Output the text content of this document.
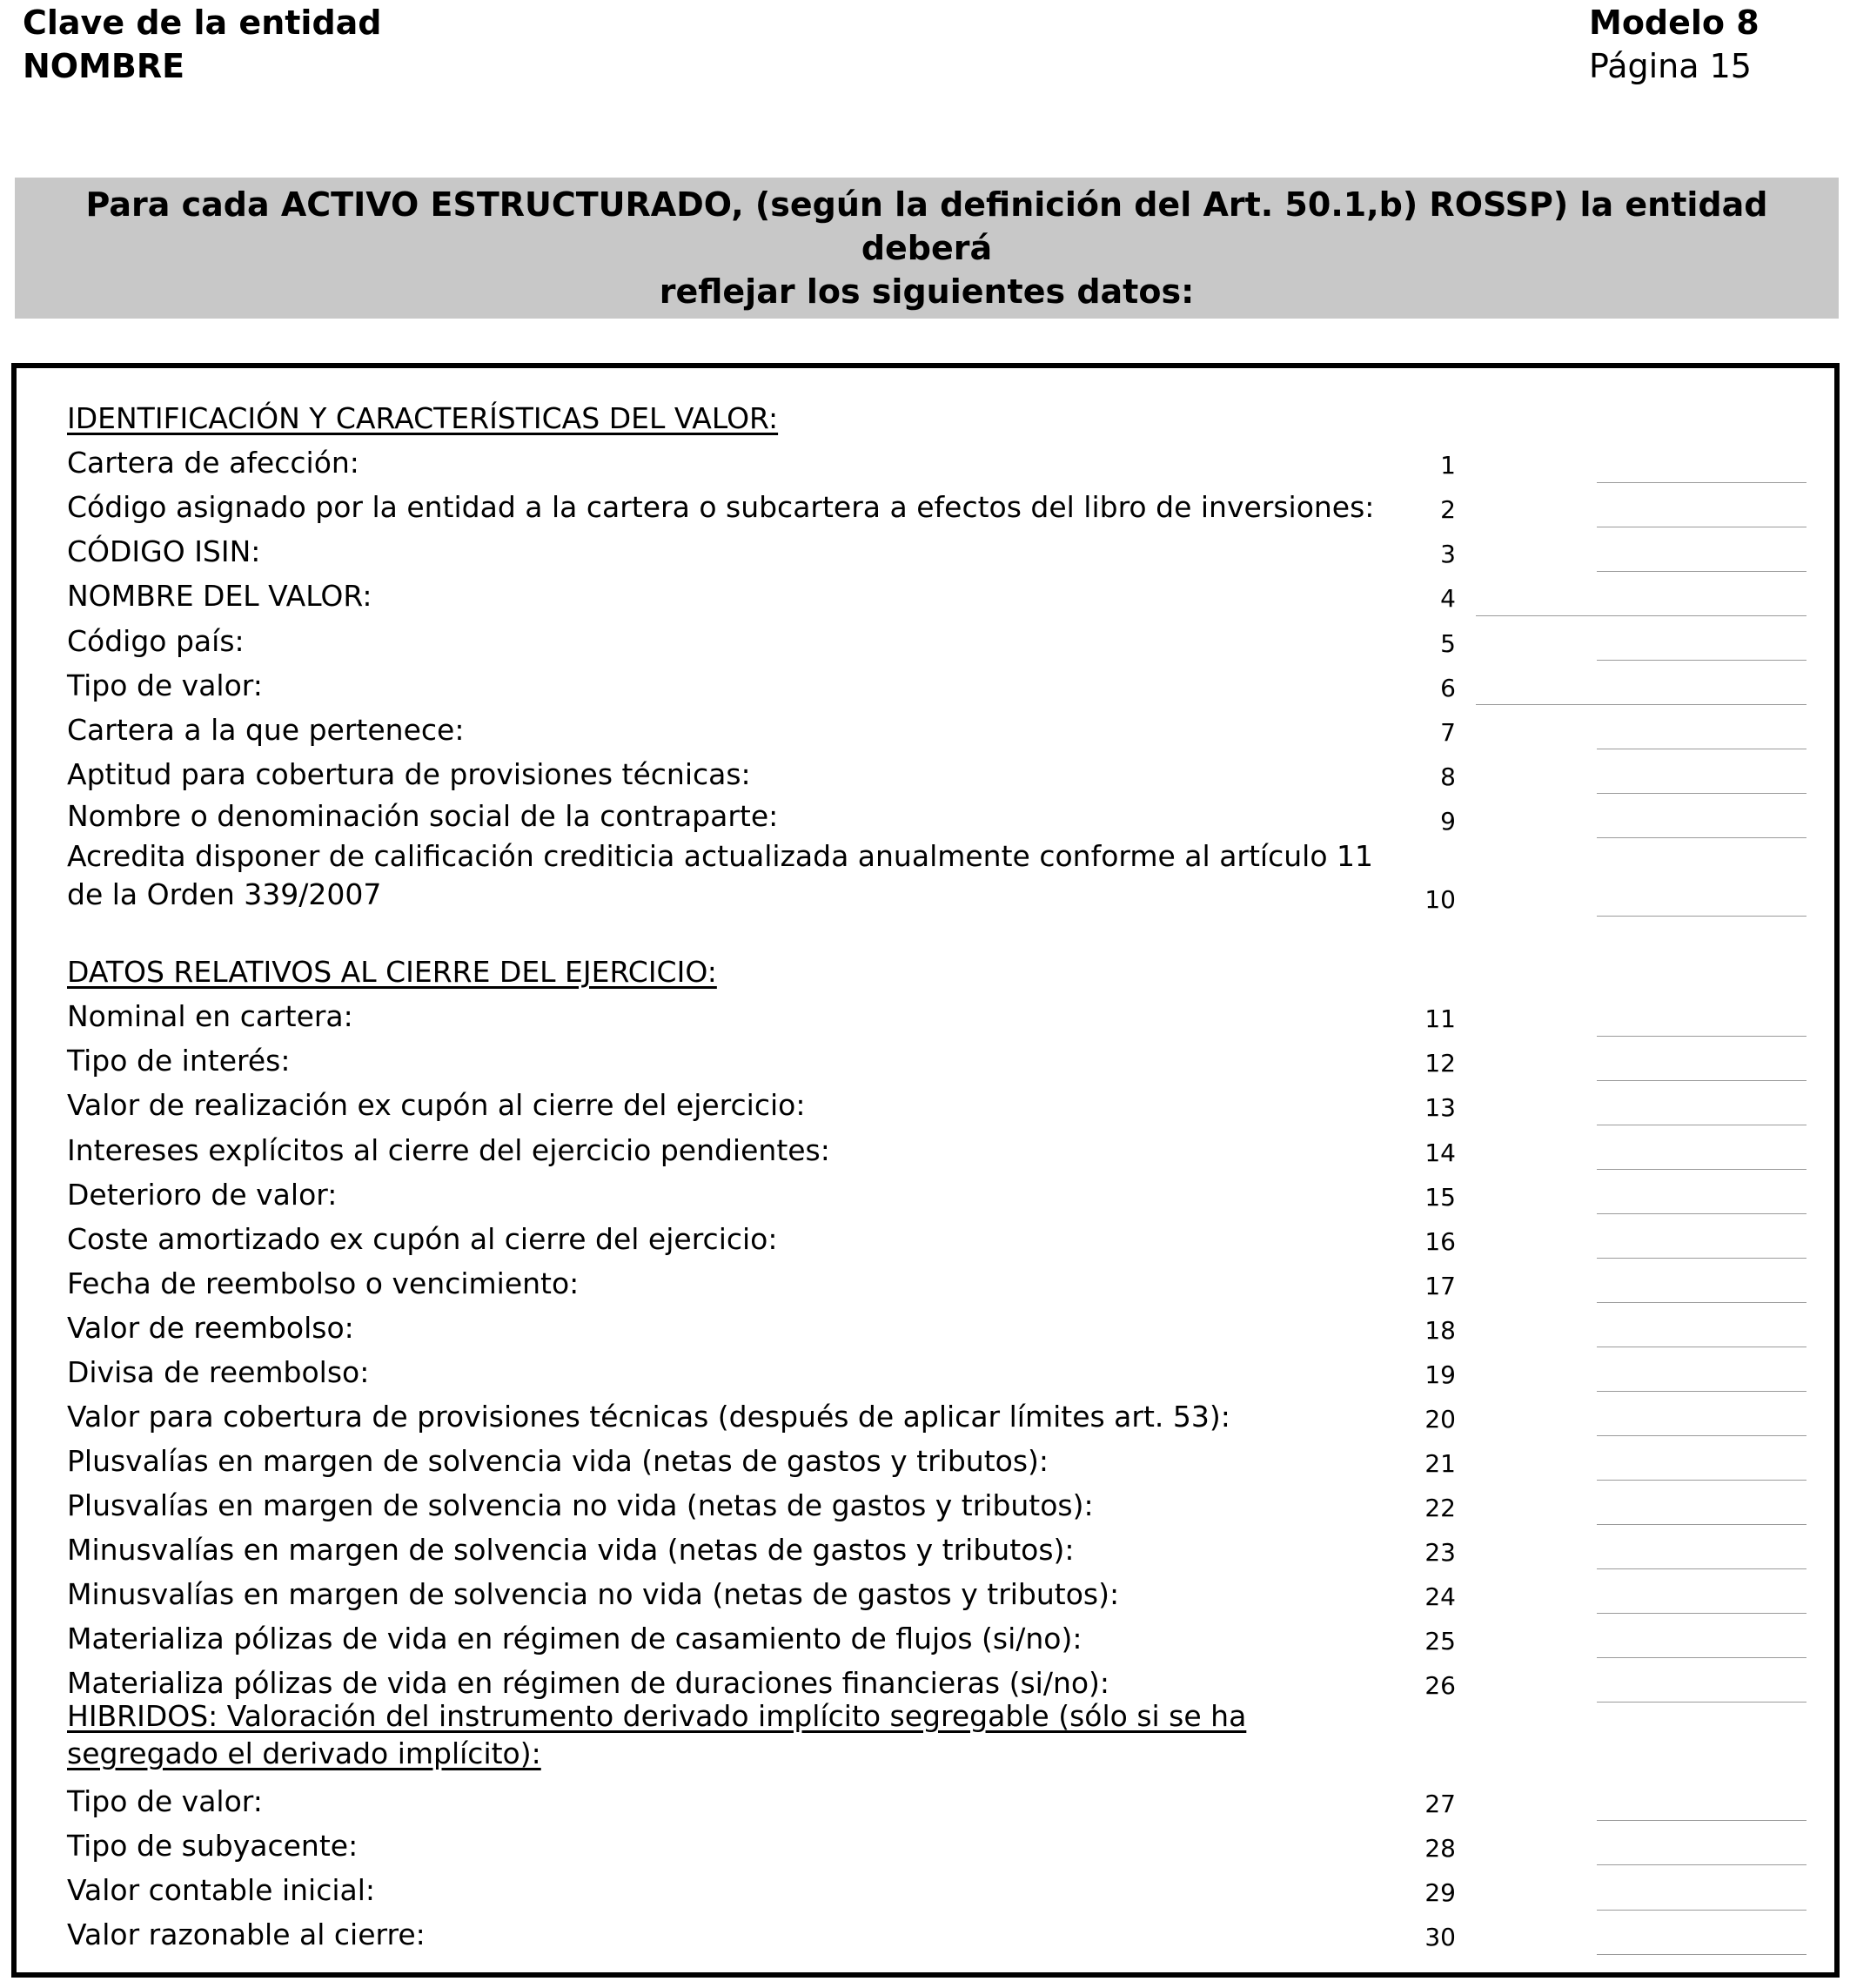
Clave de la entidad
NOMBRE
Modelo 8
Página 15
Para cada ACTIVO ESTRUCTURADO, (según la definición del Art. 50.1,b) ROSSP) la entidad deberá
reflejar los siguientes datos:
IDENTIFICACIÓN Y CARACTERÍSTICAS DEL VALOR:
Cartera de afección:	1
Código asignado por la entidad a la cartera o subcartera a efectos del libro de inversiones:	2
CÓDIGO ISIN:	3
NOMBRE DEL VALOR:	4
Código país:	5
Tipo de valor:	6
Cartera a la que pertenece:	7
Aptitud para cobertura de provisiones técnicas:	8
Nombre o denominación social de la contraparte:	9
Acredita disponer de calificación crediticia actualizada anualmente conforme al artículo 11
de la Orden 339/2007	10
DATOS RELATIVOS AL CIERRE DEL EJERCICIO:
Nominal en cartera:	11
Tipo de interés:	12
Valor de realización ex cupón al cierre del ejercicio:	13
Intereses explícitos al cierre del ejercicio pendientes:	14
Deterioro de valor:	15
Coste amortizado ex cupón al cierre del ejercicio:	16
Fecha de reembolso o vencimiento:	17
Valor de reembolso:	18
Divisa de reembolso:	19
Valor para cobertura de provisiones técnicas (después de aplicar límites art. 53):	20
Plusvalías en margen de solvencia vida (netas de gastos y tributos):	21
Plusvalías en margen de solvencia no vida (netas de gastos y tributos):	22
Minusvalías en margen de solvencia vida (netas de gastos y tributos):	23
Minusvalías en margen de solvencia no vida (netas de gastos y tributos):	24
Materializa pólizas de vida en régimen de casamiento de flujos (si/no):	25
Materializa pólizas de vida en régimen de duraciones financieras (si/no):	26
HIBRIDOS: Valoración del instrumento derivado implícito segregable (sólo si se ha
segregado el derivado implícito):
Tipo de valor:	27
Tipo de subyacente:	28
Valor contable inicial:	29
Valor razonable al cierre:	30
